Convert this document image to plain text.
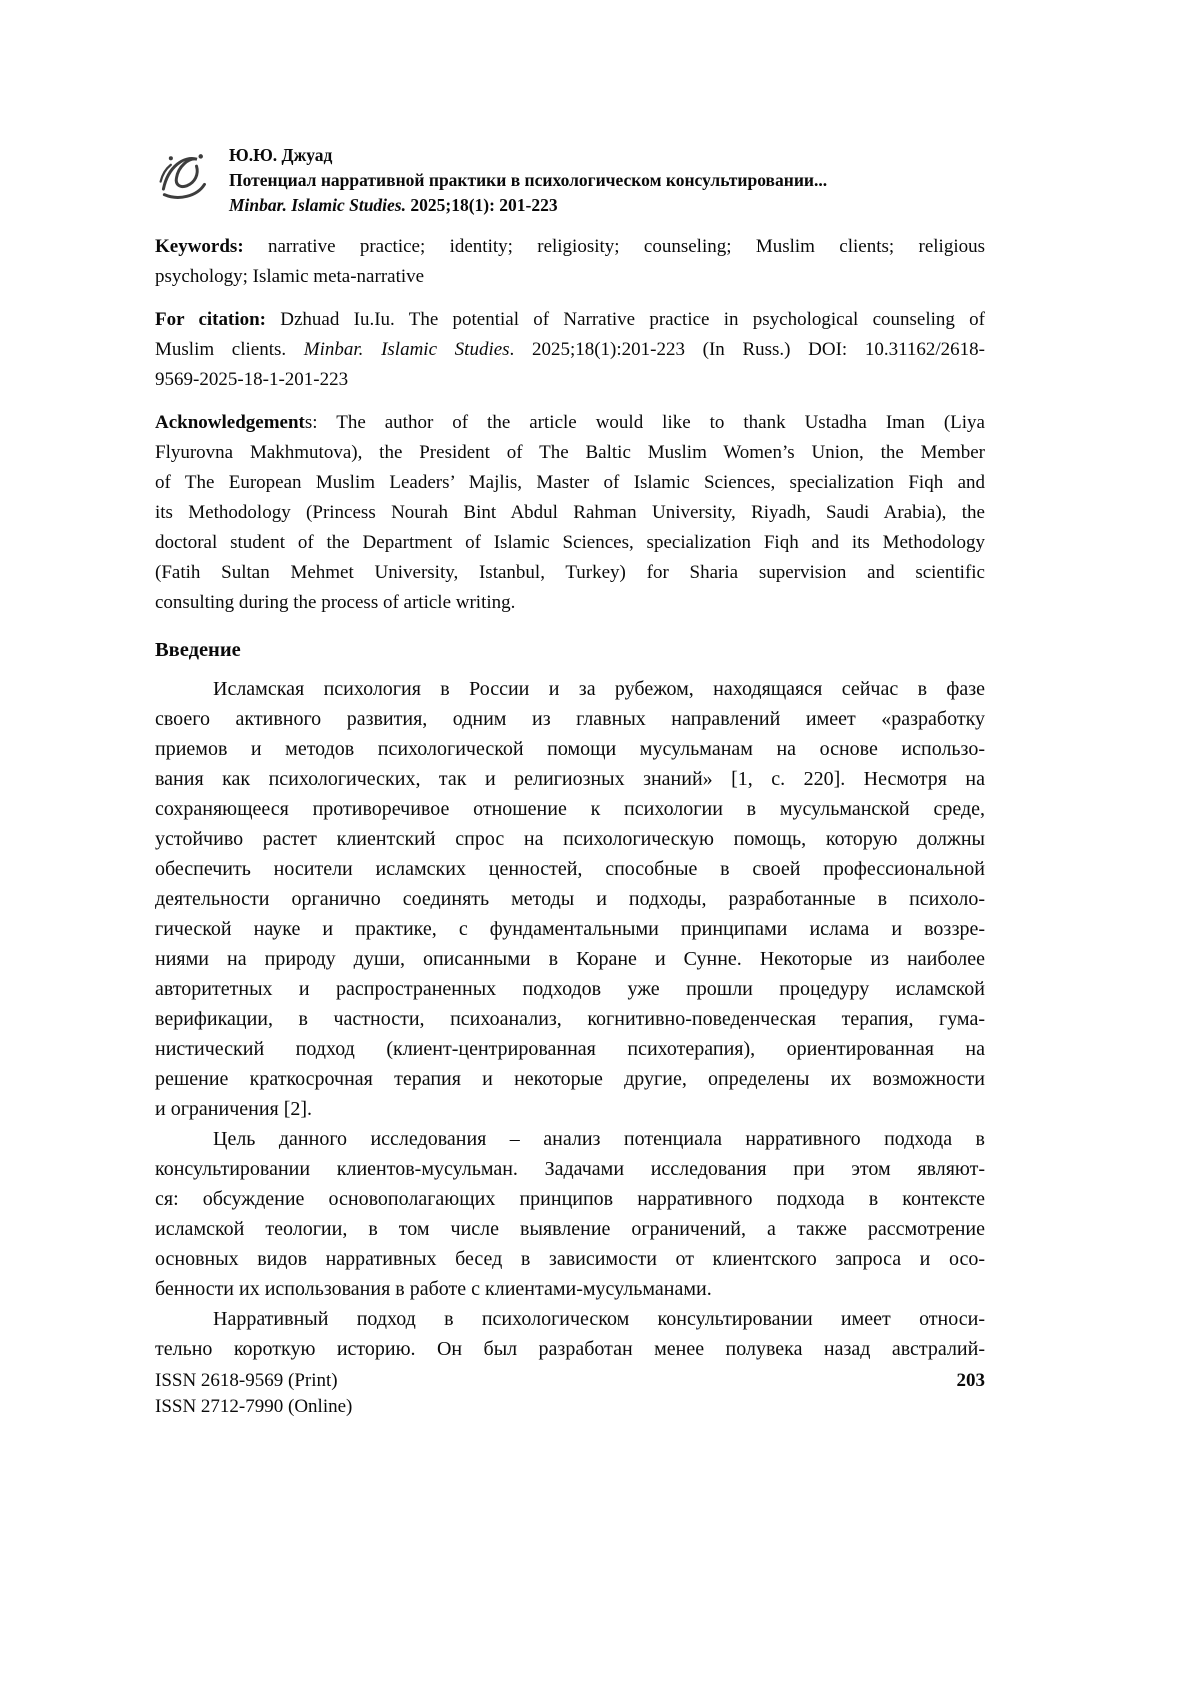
Ю.Ю. Джуад
Потенциал нарративной практики в психологическом консультировании...
Minbar. Islamic Studies. 2025;18(1): 201-223
Keywords: narrative practice; identity; religiosity; counseling; Muslim clients; religious
psychology; Islamic meta-narrative
For citation: Dzhuad Iu.Iu. The potential of Narrative practice in psychological counseling of
Muslim clients. Minbar. Islamic Studies. 2025;18(1):201-223 (In Russ.) DOI: 10.31162/2618-
9569-2025-18-1-201-223
Acknowledgements: The author of the article would like to thank Ustadha Iman (Liya
Flyurovna Makhmutova), the President of The Baltic Muslim Women’s Union, the Member
of The European Muslim Leaders’ Majlis, Master of Islamic Sciences, specialization Fiqh and
its Methodology (Princess Nourah Bint Abdul Rahman University, Riyadh, Saudi Arabia), the
doctoral student of the Department of Islamic Sciences, specialization Fiqh and its Methodology
(Fatih Sultan Mehmet University, Istanbul, Turkey) for Sharia supervision and scientific
consulting during the process of article writing.
Введение
Исламская психология в России и за рубежом, находящаяся сейчас в фазе
своего активного развития, одним из главных направлений имеет «разработку
приемов и методов психологической помощи мусульманам на основе использо-
вания как психологических, так и религиозных знаний» [1, с. 220]. Несмотря на
сохраняющееся противоречивое отношение к психологии в мусульманской среде,
устойчиво растет клиентский спрос на психологическую помощь, которую должны
обеспечить носители исламских ценностей, способные в своей профессиональной
деятельности органично соединять методы и подходы, разработанные в психоло-
гической науке и практике, с фундаментальными принципами ислама и воззре-
ниями на природу души, описанными в Коране и Сунне. Некоторые из наиболее
авторитетных и распространенных подходов уже прошли процедуру исламской
верификации, в частности, психоанализ, когнитивно-поведенческая терапия, гума-
нистический подход (клиент-центрированная психотерапия), ориентированная на
решение краткосрочная терапия и некоторые другие, определены их возможности
и ограничения [2].
Цель данного исследования – анализ потенциала нарративного подхода в
консультировании клиентов-мусульман. Задачами исследования при этом являют-
ся: обсуждение основополагающих принципов нарративного подхода в контексте
исламской теологии, в том числе выявление ограничений, а также рассмотрение
основных видов нарративных бесед в зависимости от клиентского запроса и осо-
бенности их использования в работе с клиентами-мусульманами.
Нарративный подход в психологическом консультировании имеет относи-
тельно короткую историю. Он был разработан менее полувека назад австралий-
ISSN 2618-9569 (Print)
ISSN 2712-7990 (Online)
203
